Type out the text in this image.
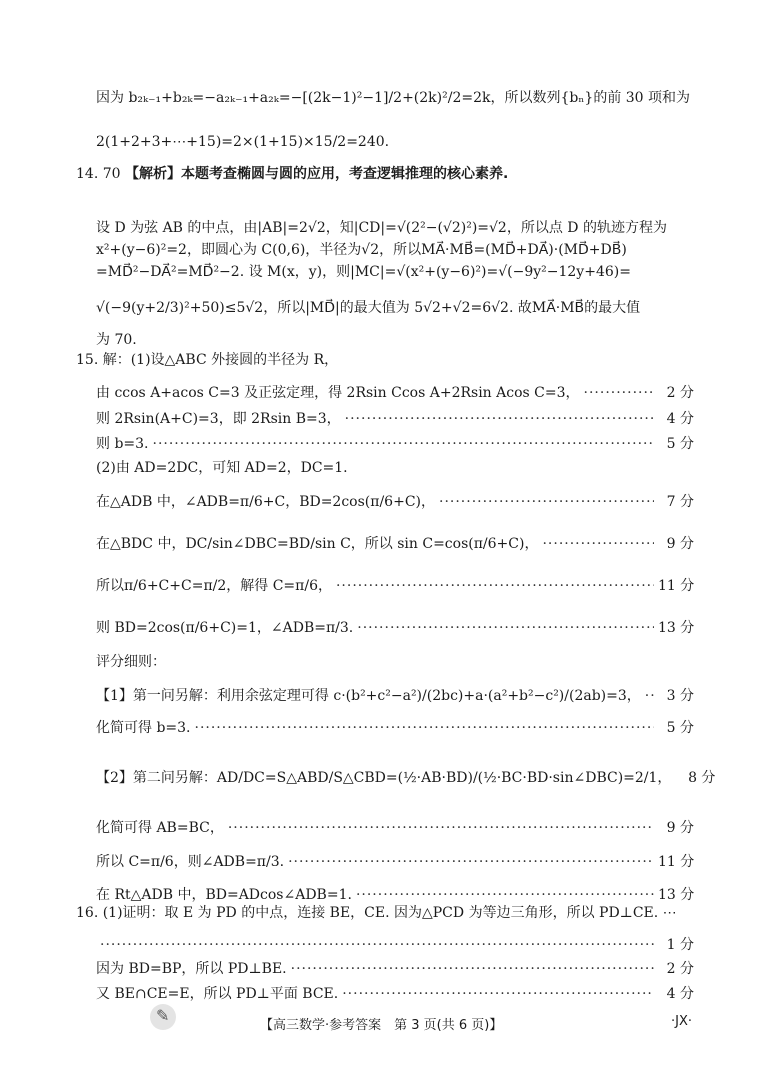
因为 b₂ₖ₋₁+b₂ₖ=−a₂ₖ₋₁+a₂ₖ=−[(2k−1)²−1]/2+(2k)²/2=2k，所以数列{bₙ}的前 30 项和为
2(1+2+3+⋯+15)=2×(1+15)×15/2=240.
设 D 为弦 AB 的中点，由|AB|=2√2，知|CD|=√(2²−(√2)²)=√2，所以点 D 的轨迹方程为
x²+(y−6)²=2，即圆心为 C(0,6)，半径为√2，所以MA⃗·MB⃗=(MD⃗+DA⃗)·(MD⃗+DB⃗)
=MD⃗²−DA⃗²=MD⃗²−2. 设 M(x，y)，则|MC|=√(x²+(y−6)²)=√(−9y²−12y+46)=
√(−9(y+2/3)²+50)≤5√2，所以|MD⃗|的最大值为 5√2+√2=6√2. 故MA⃗·MB⃗的最大值
为 70.
14. 70 【解析】本题考查椭圆与圆的应用，考查逻辑推理的核心素养.
15. 解：(1)设△ABC 外接圆的半径为 R，
由 ccos A+acos C=3 及正弦定理，得 2Rsin Ccos A+2Rsin Acos C=3， ·····	2 分
则 2Rsin(A+C)=3，即 2Rsin B=3， ·····	4 分
则 b=3. ·····	5 分
(2)由 AD=2DC，可知 AD=2，DC=1.
在△ADB 中，∠ADB=π/6+C，BD=2cos(π/6+C)， ·····	7 分
在△BDC 中，DC/sin∠DBC=BD/sin C，所以 sin C=cos(π/6+C)， ·····	9 分
所以π/6+C+C=π/2，解得 C=π/6， ·····	11 分
则 BD=2cos(π/6+C)=1，∠ADB=π/3. ·····	13 分
评分细则：
【1】第一问另解：利用余弦定理可得 c·(b²+c²−a²)/(2bc)+a·(a²+b²−c²)/(2ab)=3， ·····	3 分
化简可得 b=3. ·····	5 分
【2】第二问另解：AD/DC=S△ABD/S△CBD=(½·AB·BD)/(½·BC·BD·sin∠DBC)=2/1，	8 分
化简可得 AB=BC， ·····	9 分
所以 C=π/6，则∠ADB=π/3. ·····	11 分
在 Rt△ADB 中，BD=ADcos∠ADB=1. ·····	13 分
16. (1)证明：取 E 为 PD 的中点，连接 BE，CE. 因为△PCD 为等边三角形，所以 PD⊥CE. ⋯
·····
1 分
因为 BD=BP，所以 PD⊥BE. ·····	2 分
又 BE∩CE=E，所以 PD⊥平面 BCE. ·····	4 分
✎
【高三数学·参考答案　第 3 页(共 6 页)】	·JX·
